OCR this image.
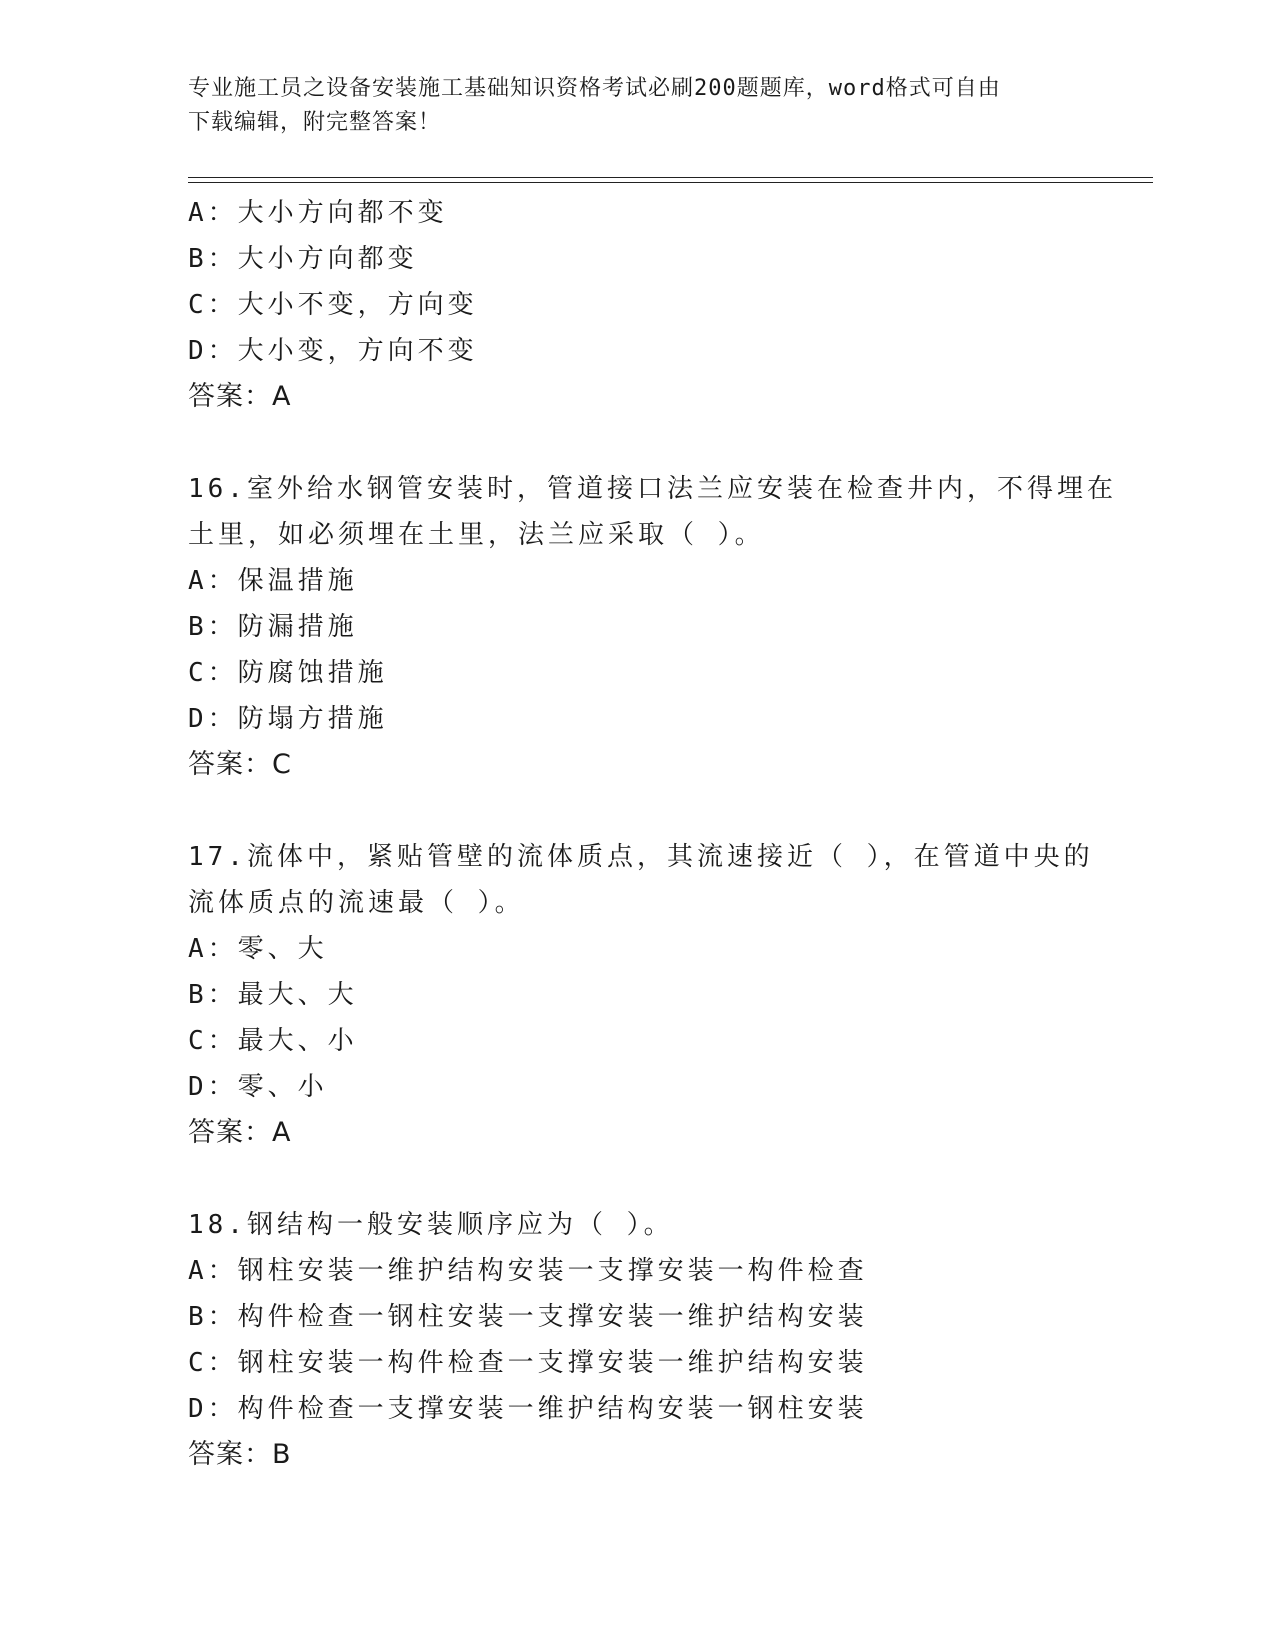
专业施工员之设备安装施工基础知识资格考试必刷200题题库，word格式可自由
下载编辑，附完整答案！
A：大小方向都不变
B：大小方向都变
C：大小不变，方向变
D：大小变，方向不变
答案：A
16.室外给水钢管安装时，管道接口法兰应安装在检查井内，不得埋在
土里，如必须埋在土里，法兰应采取（ ）。
A：保温措施
B：防漏措施
C：防腐蚀措施
D：防塌方措施
答案：C
17.流体中，紧贴管壁的流体质点，其流速接近（ ），在管道中央的
流体质点的流速最（ ）。
A：零、大
B：最大、大
C：最大、小
D：零、小
答案：A
18.钢结构一般安装顺序应为（ ）。
A：钢柱安装一维护结构安装一支撑安装一构件检查
B：构件检查一钢柱安装一支撑安装一维护结构安装
C：钢柱安装一构件检查一支撑安装一维护结构安装
D：构件检查一支撑安装一维护结构安装一钢柱安装
答案：B
